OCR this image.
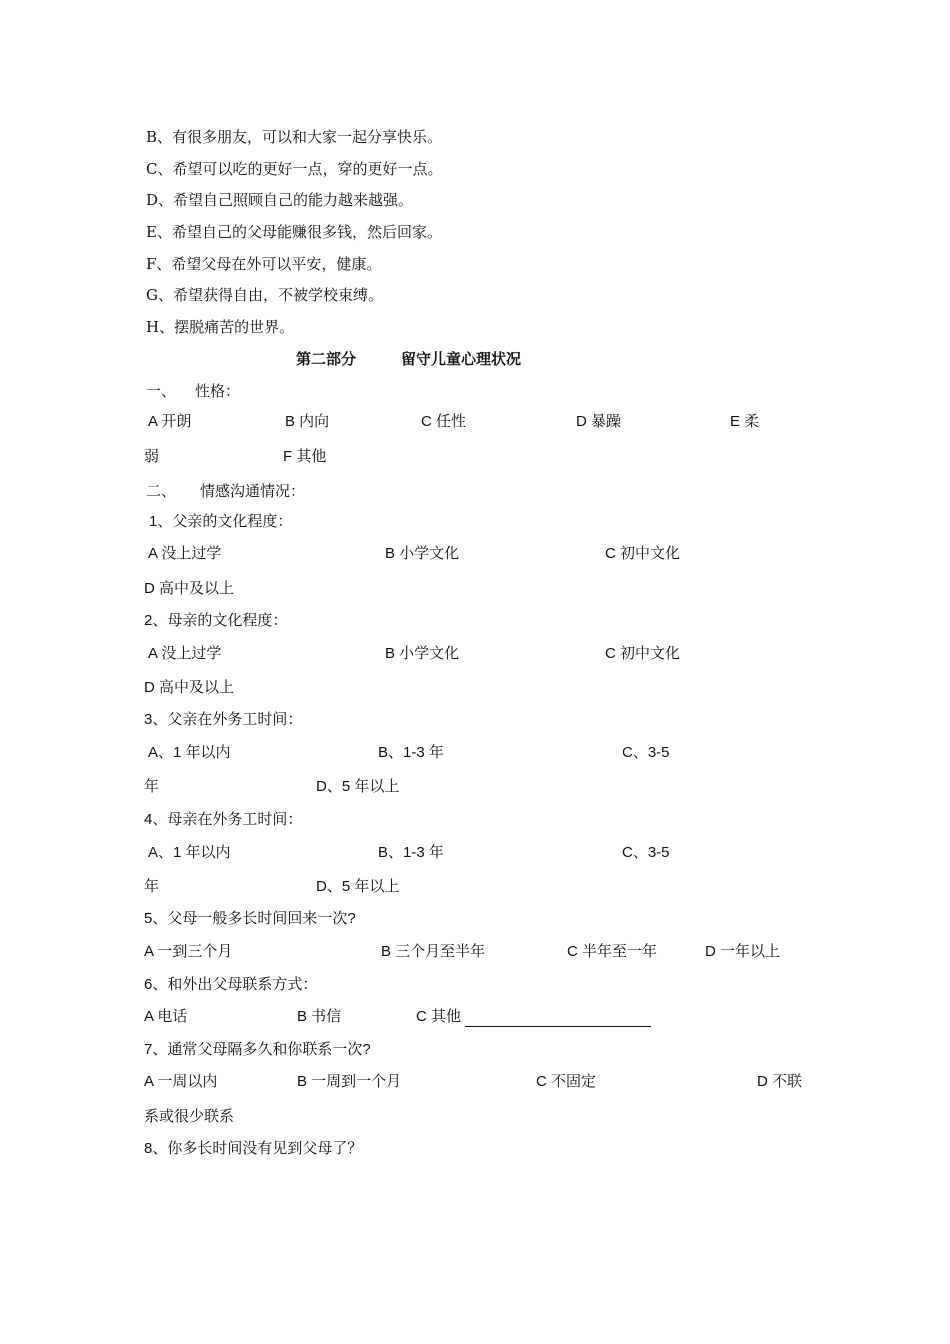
B、有很多朋友，可以和大家一起分享快乐。
C、希望可以吃的更好一点，穿的更好一点。
D、希望自己照顾自己的能力越来越强。
E、希望自己的父母能赚很多钱，然后回家。
F、希望父母在外可以平安，健康。
G、希望获得自由，不被学校束缚。
H、摆脱痛苦的世界。
第二部分	留守儿童心理状况
一、 性格：
A 开朗	B 内向	C 任性	D 暴躁	E 柔
弱	F 其他
二、 情感沟通情况：
1、父亲的文化程度：
A 没上过学	B 小学文化	C 初中文化
D 高中及以上
2、母亲的文化程度：
A 没上过学	B 小学文化	C 初中文化
D 高中及以上
3、父亲在外务工时间：
A、1 年以内	B、1-3 年	C、3-5
年	D、5 年以上
4、母亲在外务工时间：
A、1 年以内	B、1-3 年	C、3-5
年	D、5 年以上
5、父母一般多长时间回来一次?
A 一到三个月	B 三个月至半年	C 半年至一年	D 一年以上
6、和外出父母联系方式：
A 电话	B 书信	C 其他
7、通常父母隔多久和你联系一次?
A 一周以内	B 一周到一个月	C 不固定	D 不联
系或很少联系
8、你多长时间没有见到父母了？
